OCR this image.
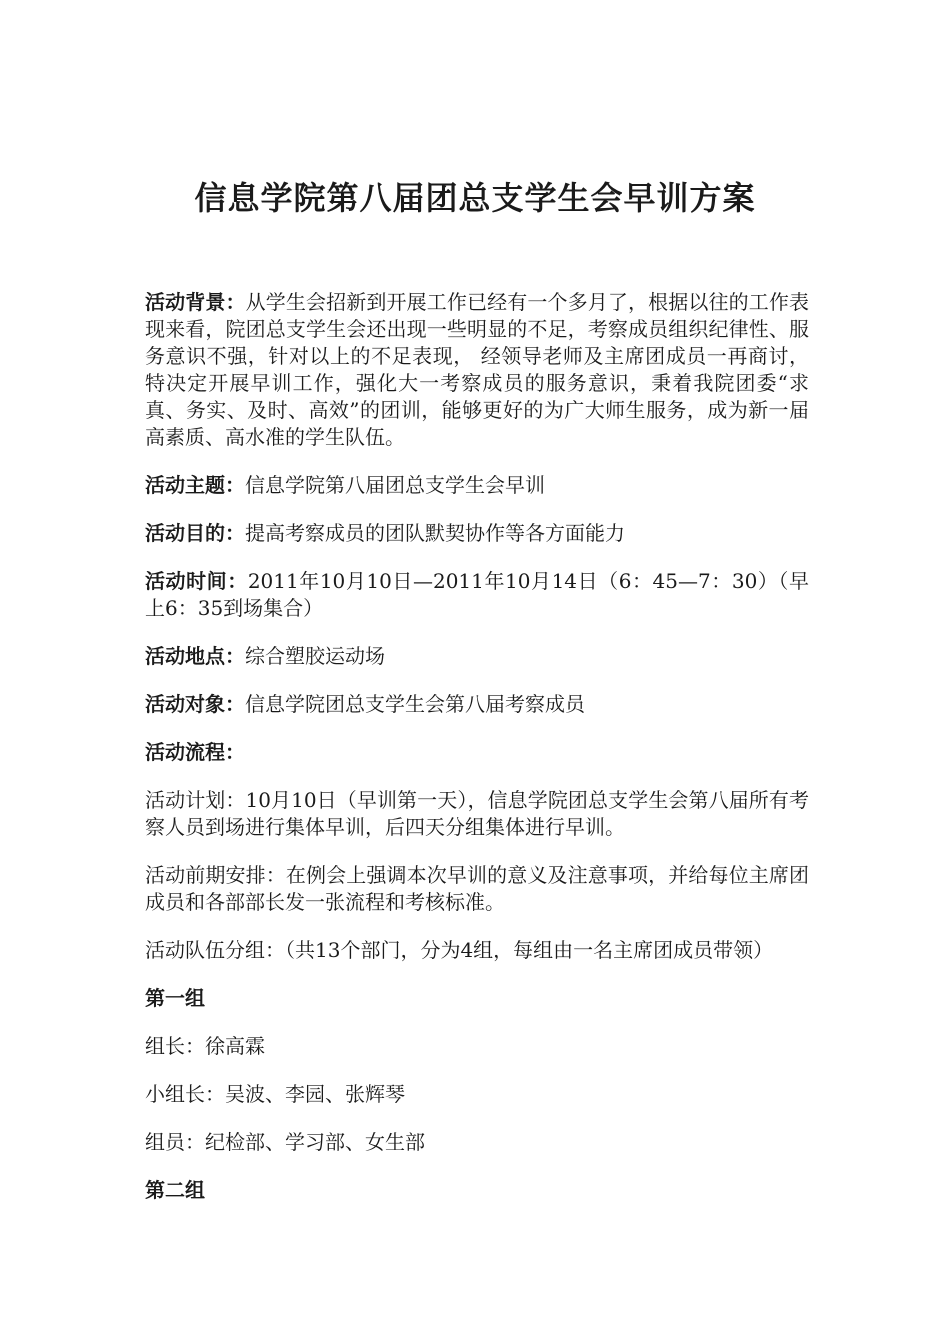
信息学院第八届团总支学生会早训方案

活动背景：从学生会招新到开展工作已经有一个多月了，根据以往的工作表现来看，院团总支学生会还出现一些明显的不足，考察成员组织纪律性、服务意识不强，针对以上的不足表现， 经领导老师及主席团成员一再商讨，特决定开展早训工作，强化大一考察成员的服务意识，秉着我院团委“求真、务实、及时、高效”的团训，能够更好的为广大师生服务，成为新一届高素质、高水准的学生队伍。

活动主题：信息学院第八届团总支学生会早训

活动目的：提高考察成员的团队默契协作等各方面能力

活动时间：2011年10月10日—2011年10月14日（6：45—7：30）（早上6：35到场集合）

活动地点：综合塑胶运动场

活动对象：信息学院团总支学生会第八届考察成员

活动流程：

活动计划：10月10日（早训第一天），信息学院团总支学生会第八届所有考察人员到场进行集体早训，后四天分组集体进行早训。

活动前期安排：在例会上强调本次早训的意义及注意事项，并给每位主席团成员和各部部长发一张流程和考核标准。

活动队伍分组：（共13个部门，分为4组，每组由一名主席团成员带领）

第一组

组长：徐高霖

小组长：吴波、李园、张辉琴

组员：纪检部、学习部、女生部

第二组
